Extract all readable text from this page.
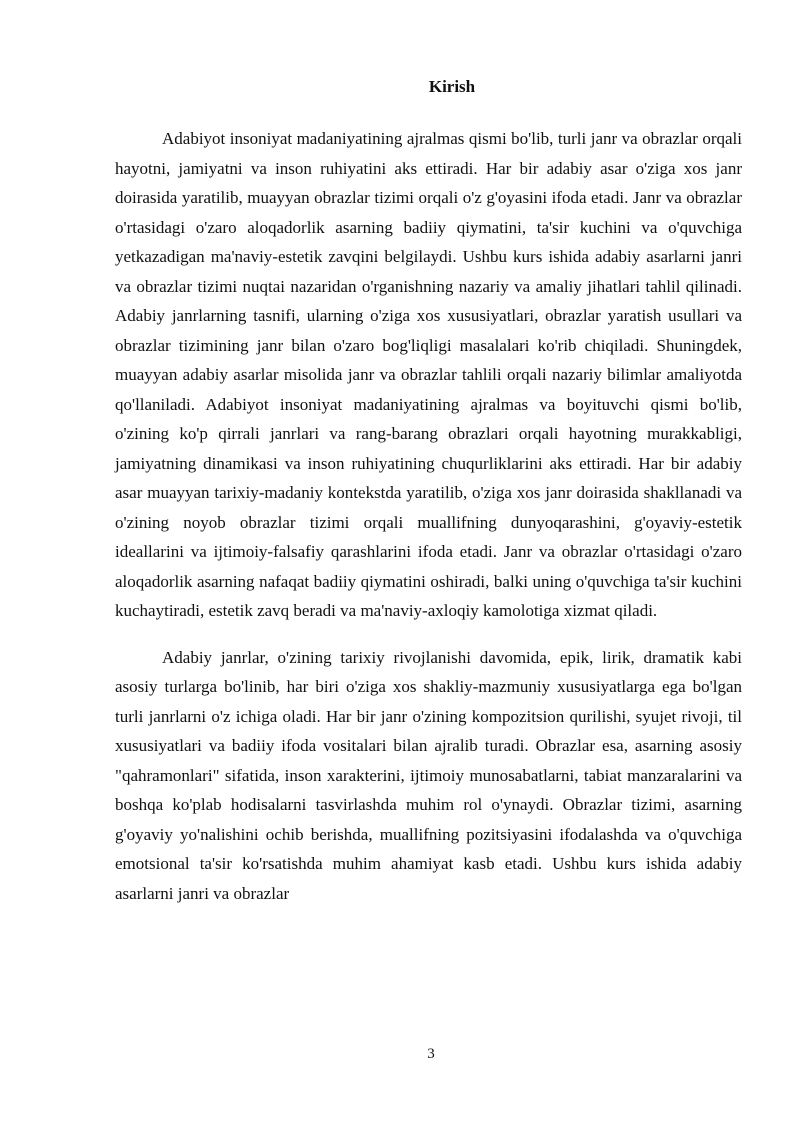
Kirish

Adabiyot insoniyat madaniyatining ajralmas qismi bo'lib, turli janr va obrazlar orqali hayotni, jamiyatni va inson ruhiyatini aks ettiradi. Har bir adabiy asar o'ziga xos janr doirasida yaratilib, muayyan obrazlar tizimi orqali o'z g'oyasini ifoda etadi. Janr va obrazlar o'rtasidagi o'zaro aloqadorlik asarning badiiy qiymatini, ta'sir kuchini va o'quvchiga yetkazadigan ma'naviy-estetik zavqini belgilaydi. Ushbu kurs ishida adabiy asarlarni janri va obrazlar tizimi nuqtai nazaridan o'rganishning nazariy va amaliy jihatlari tahlil qilinadi. Adabiy janrlarning tasnifi, ularning o'ziga xos xususiyatlari, obrazlar yaratish usullari va obrazlar tizimining janr bilan o'zaro bog'liqligi masalalari ko'rib chiqiladi. Shuningdek, muayyan adabiy asarlar misolida janr va obrazlar tahlili orqali nazariy bilimlar amaliyotda qo'llaniladi. Adabiyot insoniyat madaniyatining ajralmas va boyituvchi qismi bo'lib, o'zining ko'p qirrali janrlari va rang-barang obrazlari orqali hayotning murakkabligi, jamiyatning dinamikasi va inson ruhiyatining chuqurliklarini aks ettiradi. Har bir adabiy asar muayyan tarixiy-madaniy kontekstda yaratilib, o'ziga xos janr doirasida shakllanadi va o'zining noyob obrazlar tizimi orqali muallifning dunyoqarashini, g'oyaviy-estetik ideallarini va ijtimoiy-falsafiy qarashlarini ifoda etadi. Janr va obrazlar o'rtasidagi o'zaro aloqadorlik asarning nafaqat badiiy qiymatini oshiradi, balki uning o'quvchiga ta'sir kuchini kuchaytiradi, estetik zavq beradi va ma'naviy-axloqiy kamolotiga xizmat qiladi.

Adabiy janrlar, o'zining tarixiy rivojlanishi davomida, epik, lirik, dramatik kabi asosiy turlarga bo'linib, har biri o'ziga xos shakliy-mazmuniy xususiyatlarga ega bo'lgan turli janrlarni o'z ichiga oladi. Har bir janr o'zining kompozitsion qurilishi, syujet rivoji, til xususiyatlari va badiiy ifoda vositalari bilan ajralib turadi. Obrazlar esa, asarning asosiy "qahramonlari" sifatida, inson xarakterini, ijtimoiy munosabatlarni, tabiat manzaralarini va boshqa ko'plab hodisalarni tasvirlashda muhim rol o'ynaydi. Obrazlar tizimi, asarning g'oyaviy yo'nalishini ochib berishda, muallifning pozitsiyasini ifodalashda va o'quvchiga emotsional ta'sir ko'rsatishda muhim ahamiyat kasb etadi. Ushbu kurs ishida adabiy asarlarni janri va obrazlar

3
